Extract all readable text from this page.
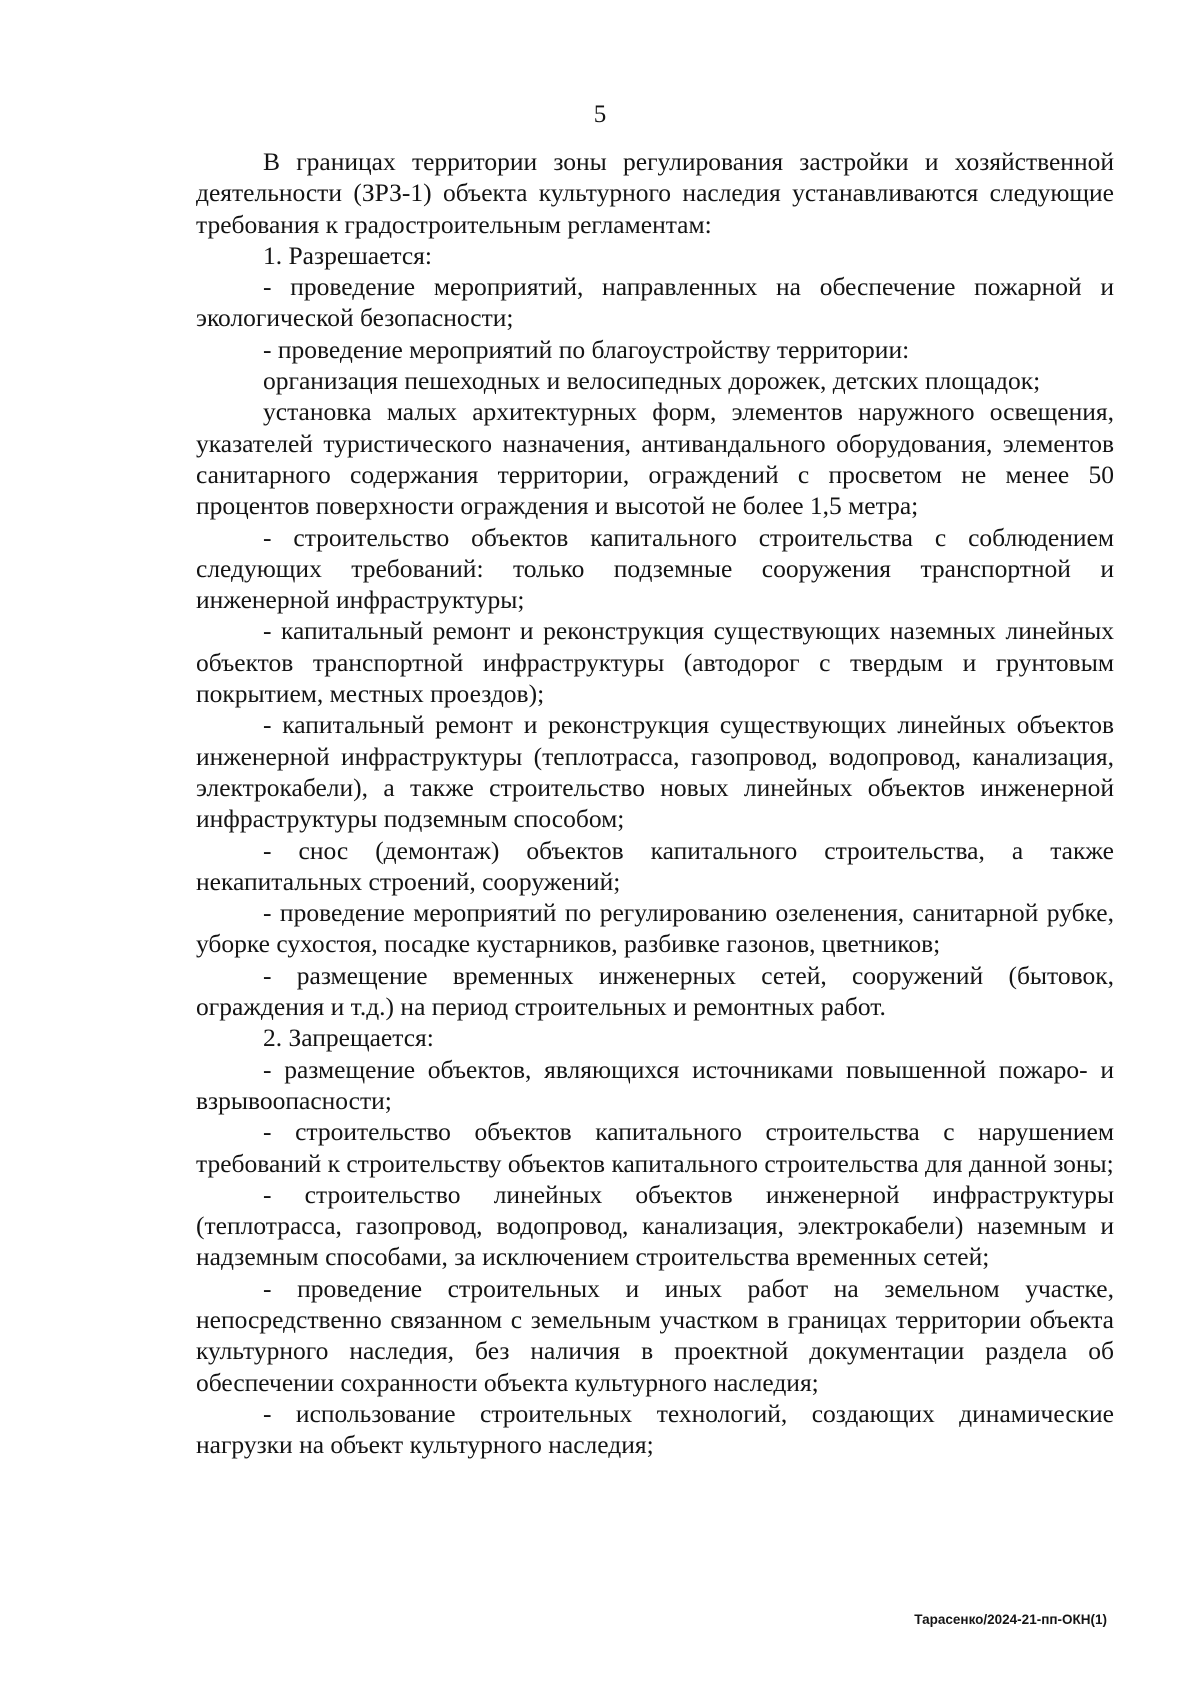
5

В границах территории зоны регулирования застройки и хозяйственной деятельности (ЗРЗ-1) объекта культурного наследия устанавливаются следующие требования к градостроительным регламентам:

1. Разрешается:

- проведение мероприятий, направленных на обеспечение пожарной и экологической безопасности;

- проведение мероприятий по благоустройству территории:

организация пешеходных и велосипедных дорожек, детских площадок;

установка малых архитектурных форм, элементов наружного освещения, указателей туристического назначения, антивандального оборудования, элементов санитарного содержания территории, ограждений с просветом не менее 50 процентов поверхности ограждения и высотой не более 1,5 метра;

- строительство объектов капитального строительства с соблюдением следующих требований: только подземные сооружения транспортной и инженерной инфраструктуры;

- капитальный ремонт и реконструкция существующих наземных линейных объектов транспортной инфраструктуры (автодорог с твердым и грунтовым покрытием, местных проездов);

- капитальный ремонт и реконструкция существующих линейных объектов инженерной инфраструктуры (теплотрасса, газопровод, водопровод, канализация, электрокабели), а также строительство новых линейных объектов инженерной инфраструктуры подземным способом;

- снос (демонтаж) объектов капитального строительства, а также некапитальных строений, сооружений;

- проведение мероприятий по регулированию озеленения, санитарной рубке, уборке сухостоя, посадке кустарников, разбивке газонов, цветников;

- размещение временных инженерных сетей, сооружений (бытовок, ограждения и т.д.) на период строительных и ремонтных работ.

2. Запрещается:

- размещение объектов, являющихся источниками повышенной пожаро- и взрывоопасности;

- строительство объектов капитального строительства с нарушением требований к строительству объектов капитального строительства для данной зоны;

- строительство линейных объектов инженерной инфраструктуры (теплотрасса, газопровод, водопровод, канализация, электрокабели) наземным и надземным способами, за исключением строительства временных сетей;

- проведение строительных и иных работ на земельном участке, непосредственно связанном с земельным участком в границах территории объекта культурного наследия, без наличия в проектной документации раздела об обеспечении сохранности объекта культурного наследия;

- использование строительных технологий, создающих динамические нагрузки на объект культурного наследия;

Тарасенко/2024-21-пп-ОКН(1)
